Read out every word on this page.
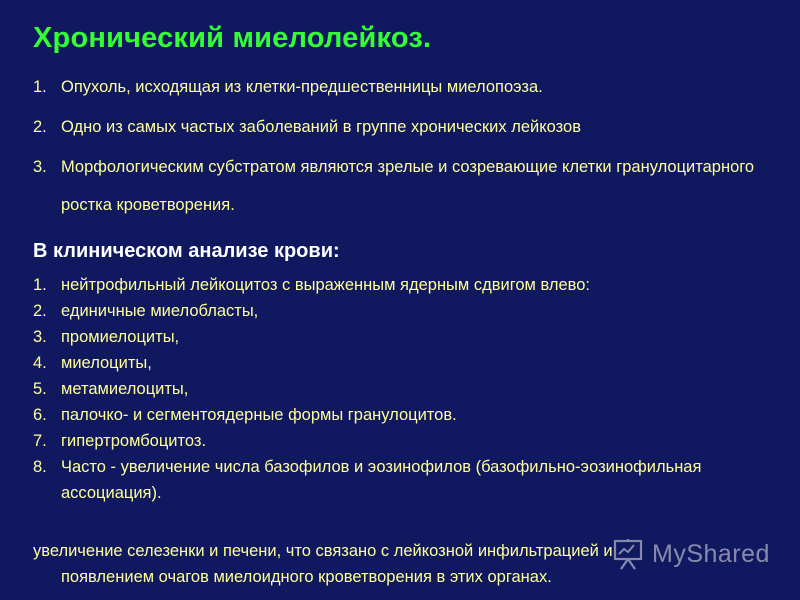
Хронический миелолейкоз.
1. Опухоль, исходящая из клетки-предшественницы миелопоэза.
2. Одно из самых частых заболеваний в группе хронических лейкозов
3. Морфологическим субстратом являются зрелые и созревающие клетки гранулоцитарного ростка кроветворения.
В клиническом анализе крови:
1. нейтрофильный лейкоцитоз с выраженным ядерным сдвигом влево:
2. единичные миелобласты,
3. промиелоциты,
4. миелоциты,
5. метамиелоциты,
6. палочко- и сегментоядерные формы гранулоцитов.
7. гипертромбоцитоз.
8. Часто - увеличение числа базофилов и эозинофилов (базофильно-эозинофильная ассоциация).
увеличение селезенки и печени, что связано с лейкозной инфильтрацией и
появлением очагов миелоидного кроветворения в этих органах.
MyShared
